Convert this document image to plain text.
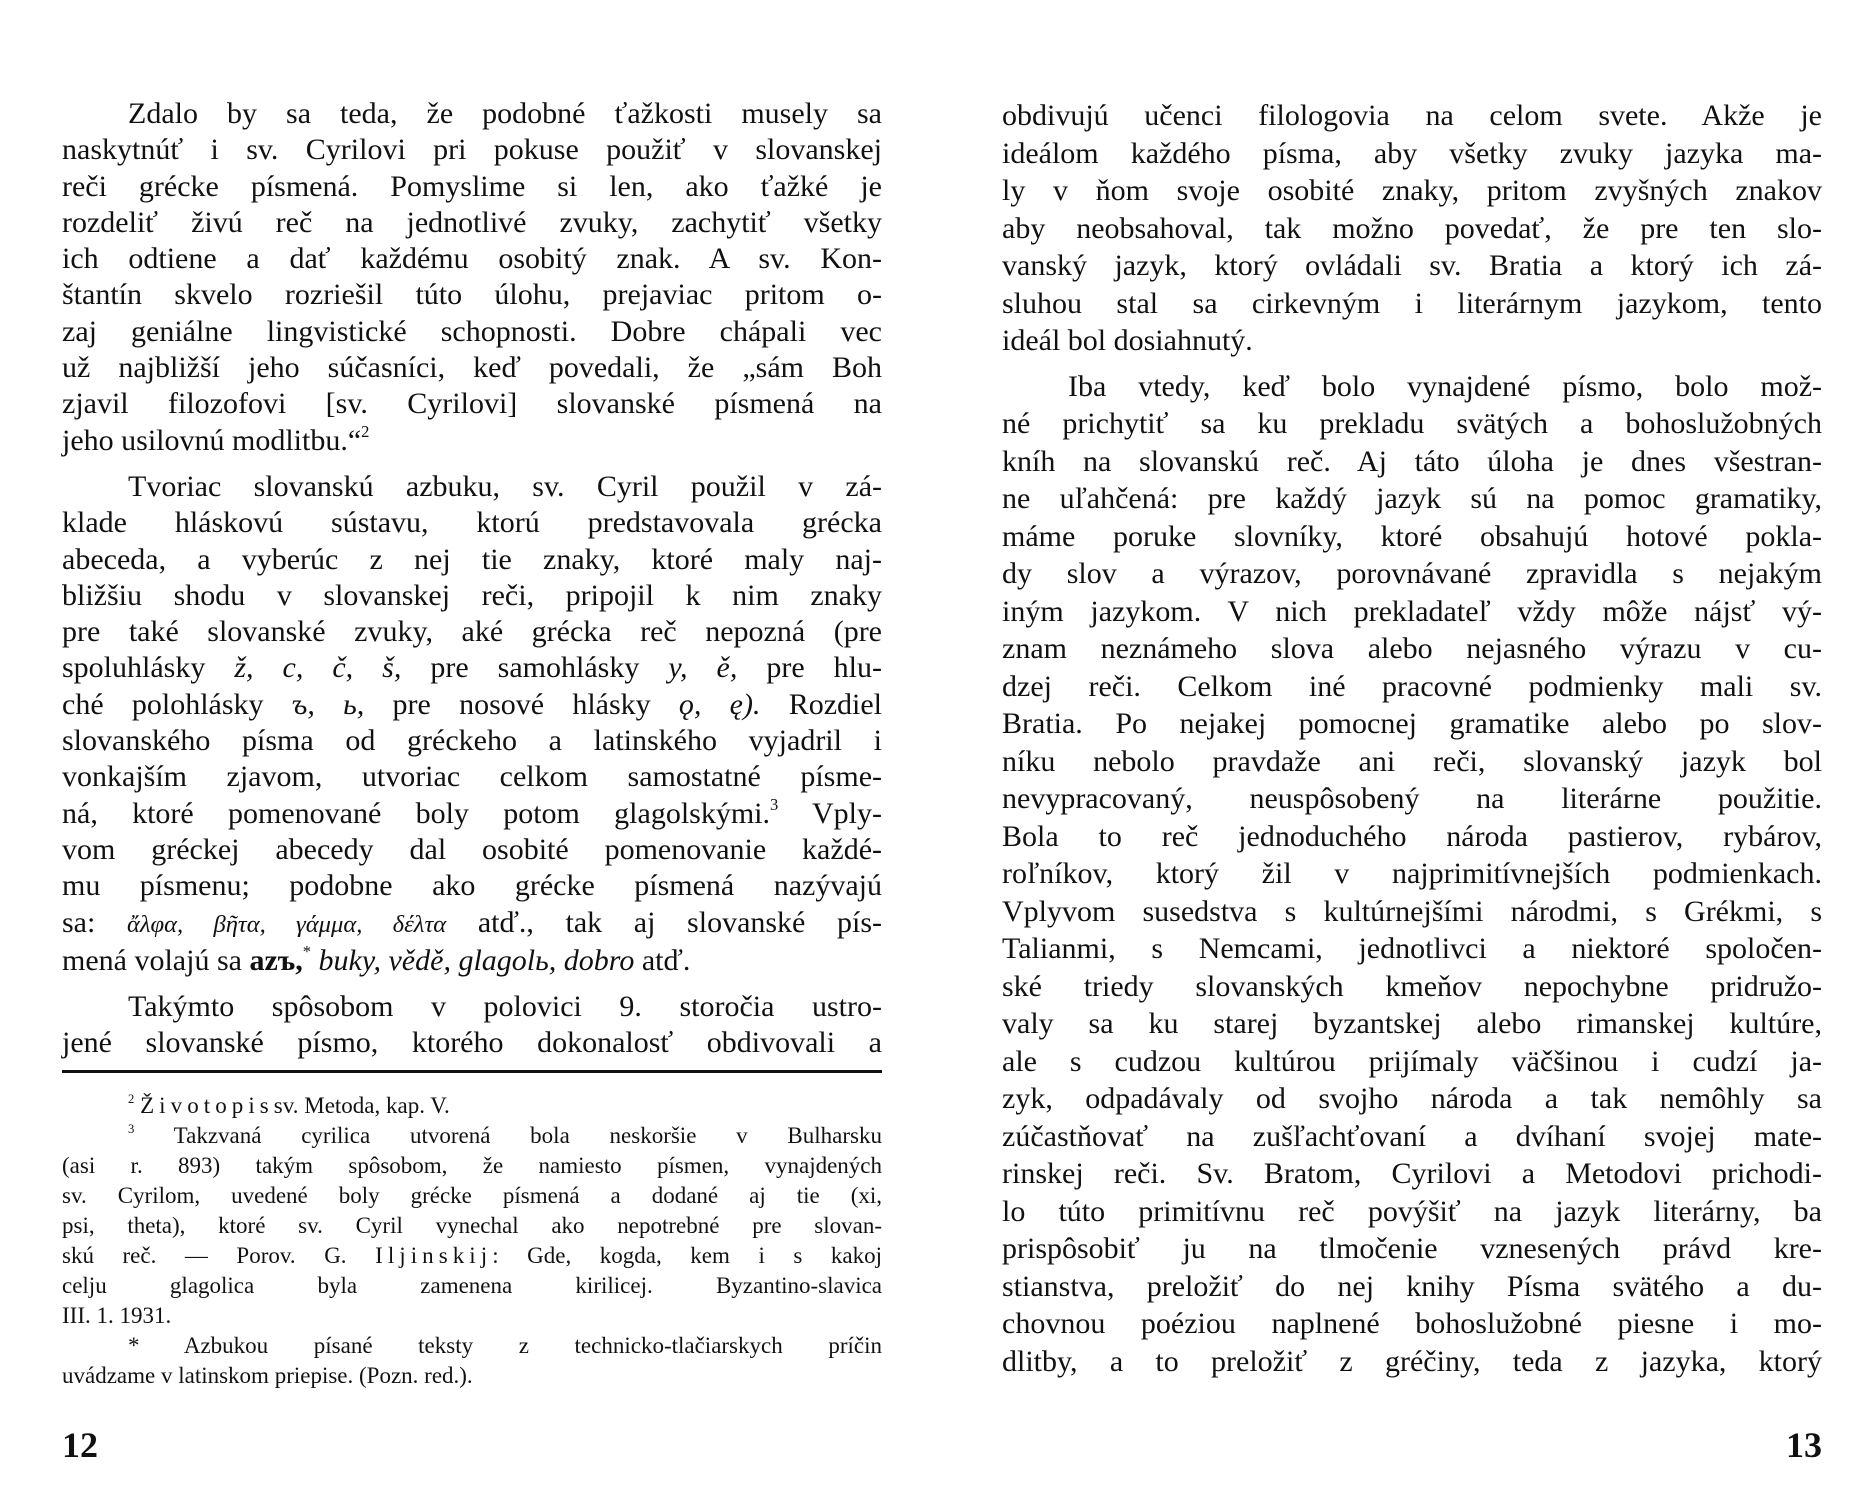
Zdalo by sa teda, že podobné ťažkosti musely sa
naskytnúť i sv. Cyrilovi pri pokuse použiť v slovanskej
reči grécke písmená. Pomyslime si len, ako ťažké je
rozdeliť živú reč na jednotlivé zvuky, zachytiť všetky
ich odtiene a dať každému osobitý znak. A sv. Kon-
štantín skvelo rozriešil túto úlohu, prejaviac pritom o-
zaj geniálne lingvistické schopnosti. Dobre chápali vec
už najbližší jeho súčasníci, keď povedali, že „sám Boh
zjavil filozofovi [sv. Cyrilovi] slovanské písmená na
jeho usilovnú modlitbu.“$^2$
Tvoriac slovanskú azbuku, sv. Cyril použil v zá-
klade hláskovú sústavu, ktorú predstavovala grécka
abeceda, a vyberúc z nej tie znaky, ktoré maly naj-
bližšiu shodu v slovanskej reči, pripojil k nim znaky
pre také slovanské zvuky, aké grécka reč nepozná (pre
spoluhlásky ž, c, č, š, pre samohlásky y, ě, pre hlu-
ché polohlásky ъ, ь, pre nosové hlásky ǫ, ę). Rozdiel
slovanského písma od gréckeho a latinského vyjadril i
vonkajším zjavom, utvoriac celkom samostatné písme-
ná, ktoré pomenované boly potom glagolskými.$^3$ Vply-
vom gréckej abecedy dal osobité pomenovanie každé-
mu písmenu; podobne ako grécke písmená nazývajú
sa: ἄλφα, βῆτα, γάμμα, δέλτα atď., tak aj slovanské pís-
mená volajú sa azъ,* buky, vědě, glagolь, dobro atď.
Takýmto spôsobom v polovici 9. storočia ustro-
jené slovanské písmo, ktorého dokonalosť obdivovali a
$^2$ Životopissv. Metoda, kap. V.
$^3$ Takzvaná cyrilica utvorená bola neskoršie v Bulharsku
(asi r. 893) takým spôsobom, že namiesto písmen, vynajdených
sv. Cyrilom, uvedené boly grécke písmená a dodané aj tie (xi,
psi, theta), ktoré sv. Cyril vynechal ako nepotrebné pre slovan-
skú reč. — Porov. G. Iljinskij: Gde, kogda, kem i s kakoj
celju glagolica byla zamenena kirilicej. Byzantino-slavica
III. 1. 1931.
* Azbukou písané teksty z technicko-tlačiarskych príčin
uvádzame v latinskom priepise. (Pozn. red.).
12
obdivujú učenci filologovia na celom svete. Akže je
ideálom každého písma, aby všetky zvuky jazyka ma-
ly v ňom svoje osobité znaky, pritom zvyšných znakov
aby neobsahoval, tak možno povedať, že pre ten slo-
vanský jazyk, ktorý ovládali sv. Bratia a ktorý ich zá-
sluhou stal sa cirkevným i literárnym jazykom, tento
ideál bol dosiahnutý.
Iba vtedy, keď bolo vynajdené písmo, bolo mož-
né prichytiť sa ku prekladu svätých a bohoslužobných
kníh na slovanskú reč. Aj táto úloha je dnes všestran-
ne uľahčená: pre každý jazyk sú na pomoc gramatiky,
máme poruke slovníky, ktoré obsahujú hotové pokla-
dy slov a výrazov, porovnávané zpravidla s nejakým
iným jazykom. V nich prekladateľ vždy môže nájsť vý-
znam neznámeho slova alebo nejasného výrazu v cu-
dzej reči. Celkom iné pracovné podmienky mali sv.
Bratia. Po nejakej pomocnej gramatike alebo po slov-
níku nebolo pravdaže ani reči, slovanský jazyk bol
nevypracovaný, neuspôsobený na literárne použitie.
Bola to reč jednoduchého národa pastierov, rybárov,
roľníkov, ktorý žil v najprimitívnejších podmienkach.
Vplyvom susedstva s kultúrnejšími národmi, s Grékmi, s
Talianmi, s Nemcami, jednotlivci a niektoré spoločen-
ské triedy slovanských kmeňov nepochybne pridružo-
valy sa ku starej byzantskej alebo rimanskej kultúre,
ale s cudzou kultúrou prijímaly väčšinou i cudzí ja-
zyk, odpadávaly od svojho národa a tak nemôhly sa
zúčastňovať na zušľachťovaní a dvíhaní svojej mate-
rinskej reči. Sv. Bratom, Cyrilovi a Metodovi prichodi-
lo túto primitívnu reč povýšiť na jazyk literárny, ba
prispôsobiť ju na tlmočenie vznesených právd kre-
stianstva, preložiť do nej knihy Písma svätého a du-
chovnou poéziou naplnené bohoslužobné piesne i mo-
dlitby, a to preložiť z gréčiny, teda z jazyka, ktorý
13
